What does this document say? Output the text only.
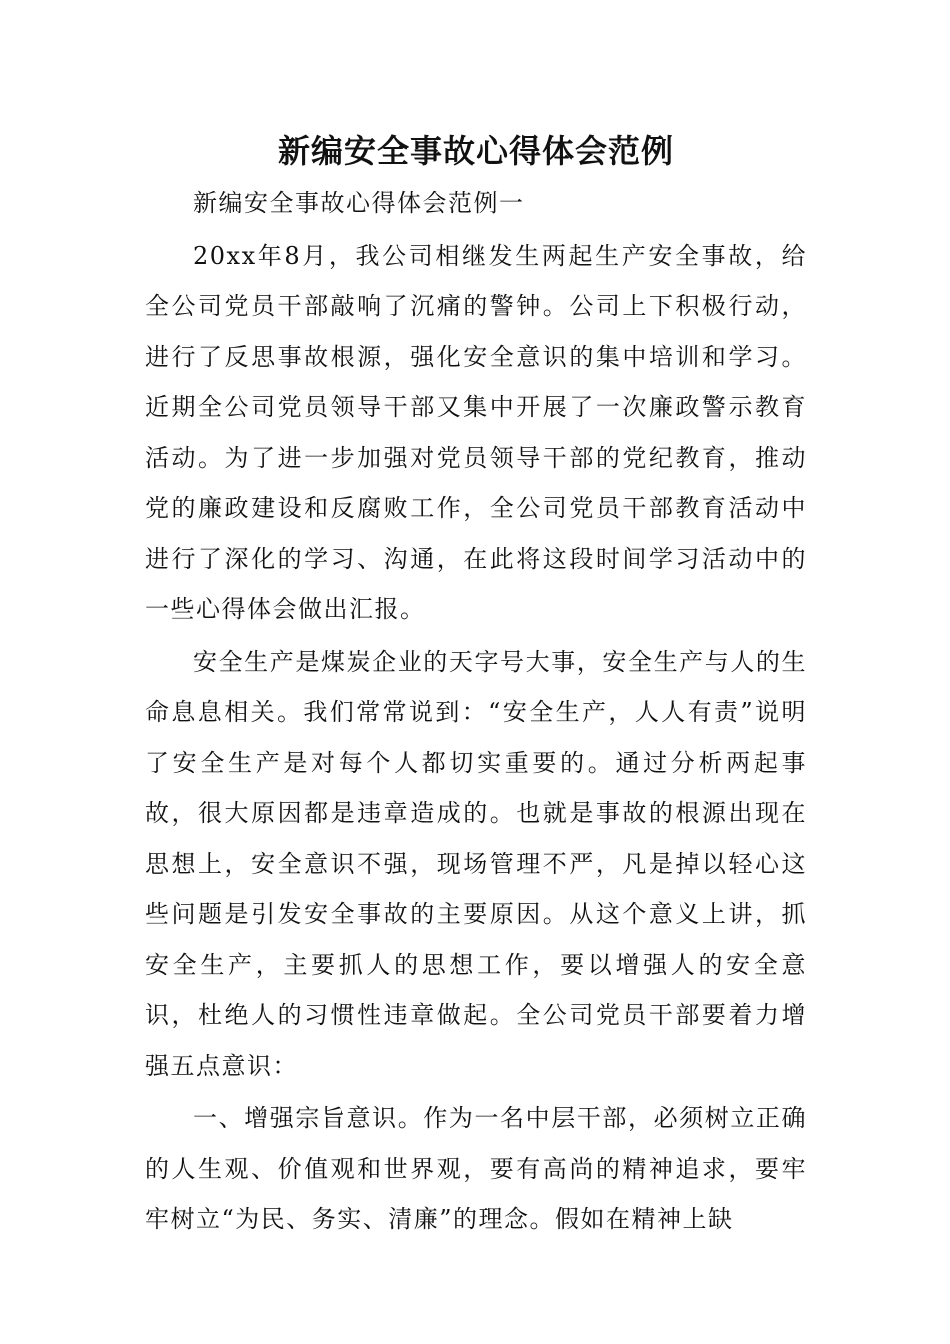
新编安全事故心得体会范例

新编安全事故心得体会范例一

20xx年8月，我公司相继发生两起生产安全事故，给全公司党员干部敲响了沉痛的警钟。公司上下积极行动，进行了反思事故根源，强化安全意识的集中培训和学习。近期全公司党员领导干部又集中开展了一次廉政警示教育活动。为了进一步加强对党员领导干部的党纪教育，推动党的廉政建设和反腐败工作，全公司党员干部教育活动中进行了深化的学习、沟通，在此将这段时间学习活动中的一些心得体会做出汇报。

安全生产是煤炭企业的天字号大事，安全生产与人的生命息息相关。我们常常说到：“安全生产，人人有责”说明了安全生产是对每个人都切实重要的。通过分析两起事故，很大原因都是违章造成的。也就是事故的根源出现在思想上，安全意识不强，现场管理不严，凡是掉以轻心这些问题是引发安全事故的主要原因。从这个意义上讲，抓安全生产，主要抓人的思想工作，要以增强人的安全意识，杜绝人的习惯性违章做起。全公司党员干部要着力增强五点意识：

一、增强宗旨意识。作为一名中层干部，必须树立正确的人生观、价值观和世界观，要有高尚的精神追求，要牢牢树立“为民、务实、清廉”的理念。假如在精神上缺
